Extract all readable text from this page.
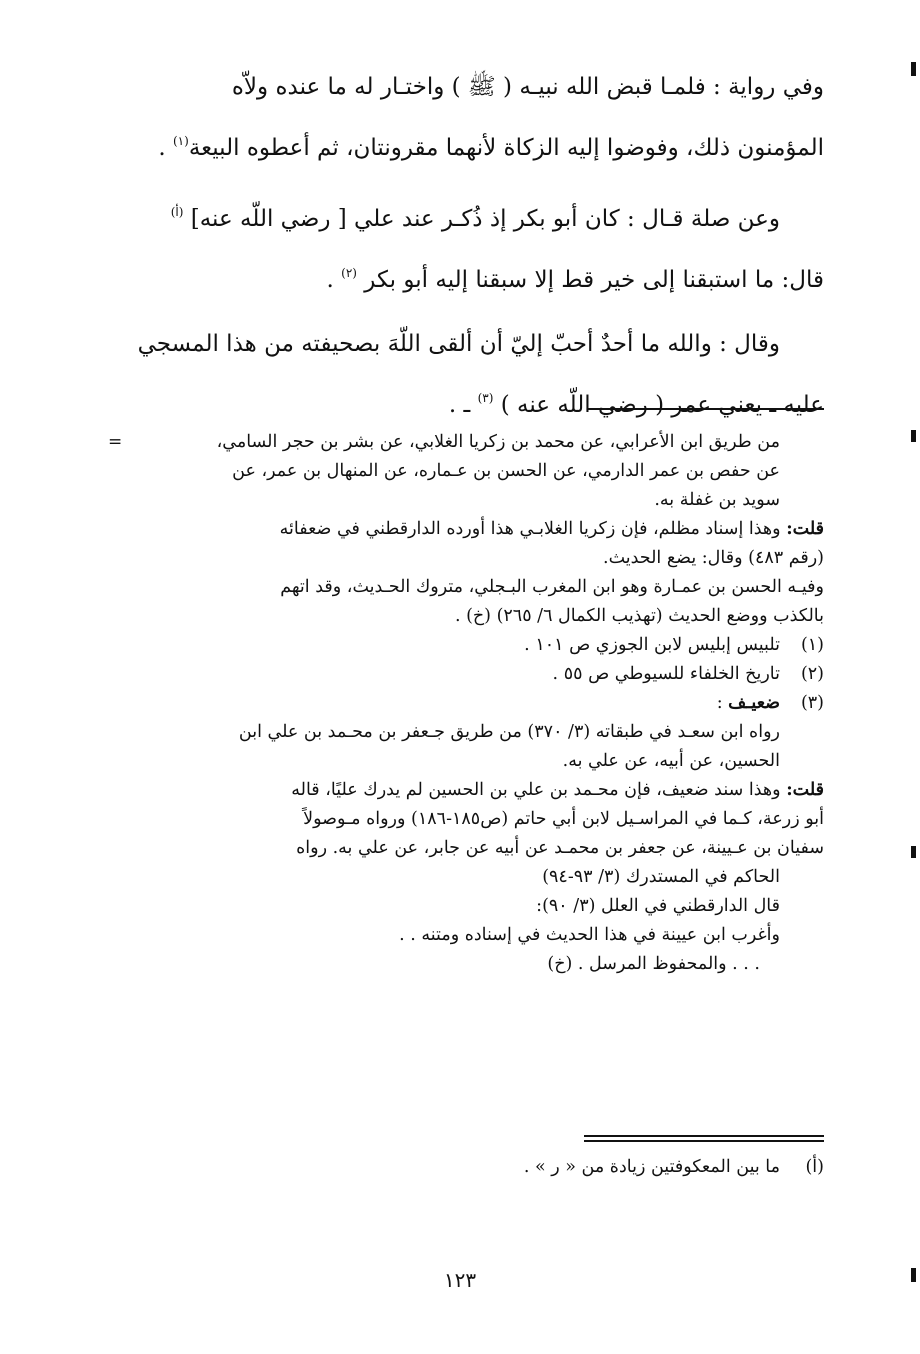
وفي رواية : فلمـا قبض الله نبيـه ( ﷺ ) واختـار له ما عنده ولاّه
المؤمنون ذلك، وفوضوا إليه الزكاة لأنهما مقرونتان، ثم أعطوه البيعة$^{(١)}$ .

وعن صلة قـال : كان أبو بكر إذ ذُكـر عند علي [ رضي اللّه عنه] $^{(أ)}$
قال: ما استبقنا إلى خير قط إلا سبقنا إليه أبو بكر $^{(٢)}$ .

وقال : والله ما أحدٌ أحبّ إليّ أن ألقى اللّهَ بصحيفته من هذا المسجي
عليه ـ يعني عمر ( رضي اللّه عنه ) $^{(٣)}$ ـ .

=	من طريق ابن الأعرابي، عن محمد بن زكريا الغلابي، عن بشر بن حجر السامي،
عن حفص بن عمر الدارمي، عن الحسن بن عـماره، عن المنهال بن عمر، عن
سويد بن غفلة به.
قلت: وهذا إسناد مظلم، فإن زكريا الغلابـي هذا أورده الدارقطني في ضعفائه
(رقم ٤٨٣) وقال: يضع الحديث.
وفيـه الحسن بن عمـارة وهو ابن المغرب البـجلي، متروك الحـديث، وقد اتهم
بالكذب ووضع الحديث (تهذيب الكمال ٦/ ٢٦٥) (خ) .
(١)تلبيس إبليس لابن الجوزي ص ١٠١ .
(٢)تاريخ الخلفاء للسيوطي ص ٥٥ .
(٣)ضعيـف :
رواه ابن سعـد في طبقاته (٣/ ٣٧٠) من طريق جـعفر بن محـمد بن علي ابن
الحسين، عن أبيه، عن علي به.
قلت: وهذا سند ضعيف، فإن محـمد بن علي بن الحسين لم يدرك عليًا، قاله
أبو زرعة، كـما في المراسـيل لابن أبي حاتم (ص١٨٥-١٨٦) ورواه مـوصولاً
سفيان بن عـيينة، عن جعفر بن محمـد عن أبيه عن جابر، عن علي به. رواه
الحاكم في المستدرك (٣/ ٩٣-٩٤)
قال الدارقطني في العلل (٣/ ٩٠):
وأغرب ابن عيينة في هذا الحديث في إسناده ومتنه . .
. . . والمحفوظ المرسل . (خ)
(أ)ما بين المعكوفتين زيادة من « ر » .
١٢٣
